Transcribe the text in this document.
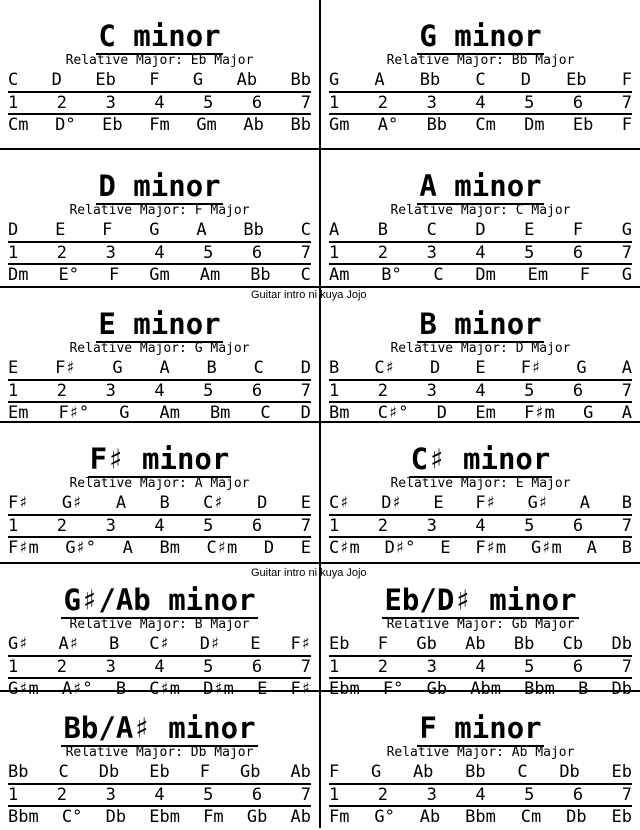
Guitar intro ni kuya Jojo
Guitar intro ni kuya Jojo
C minor
Relative Major: Eb Major
C D Eb F G Ab Bb
1 2 3 4 5 6 7
Cm D° Eb Fm Gm Ab Bb
G minor
Relative Major: Bb Major
G A Bb C D Eb F
1 2 3 4 5 6 7
Gm A° Bb Cm Dm Eb F
D minor
Relative Major: F Major
D E F G A Bb C
1 2 3 4 5 6 7
Dm E° F Gm Am Bb C
A minor
Relative Major: C Major
A B C D E F G
1 2 3 4 5 6 7
Am B° C Dm Em F G
E minor
Relative Major: G Major
E F♯ G A B C D
1 2 3 4 5 6 7
Em F♯° G Am Bm C D
B minor
Relative Major: D Major
B C♯ D E F♯ G A
1 2 3 4 5 6 7
Bm C♯° D Em F♯m G A
F♯ minor
Relative Major: A Major
F♯ G♯ A B C♯ D E
1 2 3 4 5 6 7
F♯m G♯° A Bm C♯m D E
C♯ minor
Relative Major: E Major
C♯ D♯ E F♯ G♯ A B
1 2 3 4 5 6 7
C♯m D♯° E F♯m G♯m A B
G♯/Ab minor
Relative Major: B Major
G♯ A♯ B C♯ D♯ E F♯
1 2 3 4 5 6 7
G♯m A♯° B C♯m D♯m E F♯
Eb/D♯ minor
Relative Major: Gb Major
Eb F Gb Ab Bb Cb Db
1 2 3 4 5 6 7
Ebm F° Gb Abm Bbm B Db
Bb/A♯ minor
Relative Major: Db Major
Bb C Db Eb F Gb Ab
1 2 3 4 5 6 7
Bbm C° Db Ebm Fm Gb Ab
F minor
Relative Major: Ab Major
F G Ab Bb C Db Eb
1 2 3 4 5 6 7
Fm G° Ab Bbm Cm Db Eb
